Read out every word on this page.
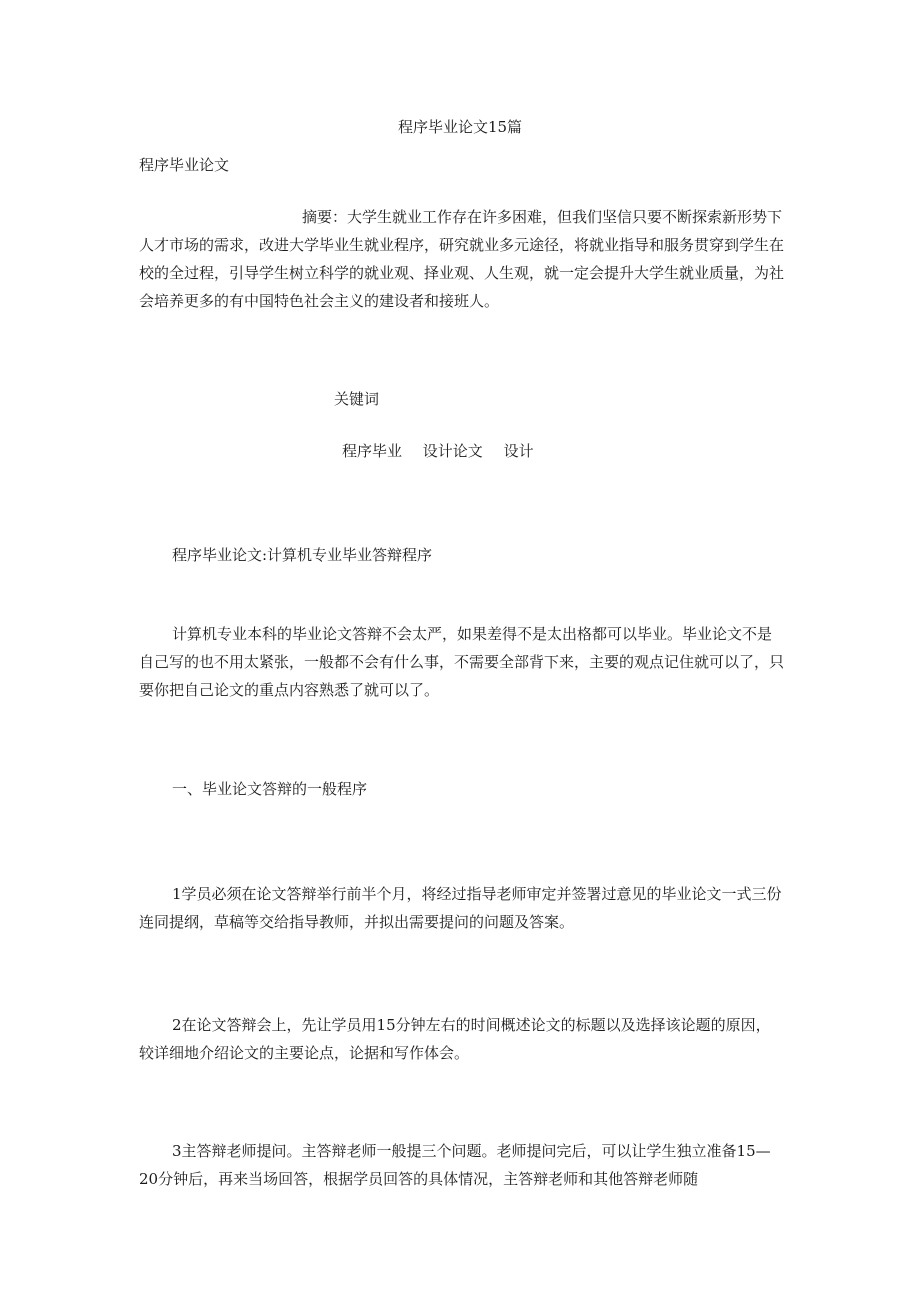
程序毕业论文15篇

程序毕业论文

摘要：大学生就业工作存在许多困难，但我们坚信只要不断探索新形势下人才市场的需求，改进大学毕业生就业程序，研究就业多元途径，将就业指导和服务贯穿到学生在校的全过程，引导学生树立科学的就业观、择业观、人生观，就一定会提升大学生就业质量，为社会培养更多的有中国特色社会主义的建设者和接班人。

关键词

程序毕业 设计论文 设计

程序毕业论文:计算机专业毕业答辩程序

计算机专业本科的毕业论文答辩不会太严，如果差得不是太出格都可以毕业。毕业论文不是自己写的也不用太紧张，一般都不会有什么事，不需要全部背下来，主要的观点记住就可以了，只要你把自己论文的重点内容熟悉了就可以了。

一、毕业论文答辩的一般程序

1学员必须在论文答辩举行前半个月，将经过指导老师审定并签署过意见的毕业论文一式三份连同提纲，草稿等交给指导教师，并拟出需要提问的问题及答案。

2在论文答辩会上，先让学员用15分钟左右的时间概述论文的标题以及选择该论题的原因，较详细地介绍论文的主要论点，论据和写作体会。

3主答辩老师提问。主答辩老师一般提三个问题。老师提问完后，可以让学生独立准备15—20分钟后，再来当场回答，根据学员回答的具体情况，主答辩老师和其他答辩老师随
